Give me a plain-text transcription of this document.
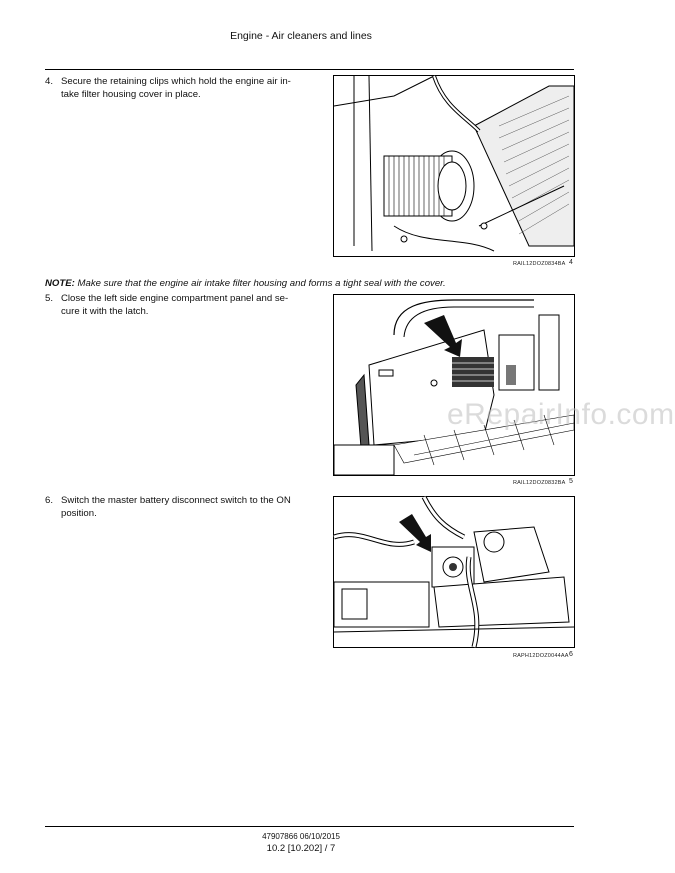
Engine - Air cleaners and lines
4. Secure the retaining clips which hold the engine air in-
take filter housing cover in place.
RAIL12DOZ0834BA 4
NOTE: Make sure that the engine air intake filter housing and forms a tight seal with the cover.
5. Close the left side engine compartment panel and se-
cure it with the latch.
RAIL12DOZ0832BA 5
eRepairInfo.com
6. Switch the master battery disconnect switch to the ON
position.
RAPH12DOZ0044AA 6
47907866 06/10/2015
10.2 [10.202] / 7
